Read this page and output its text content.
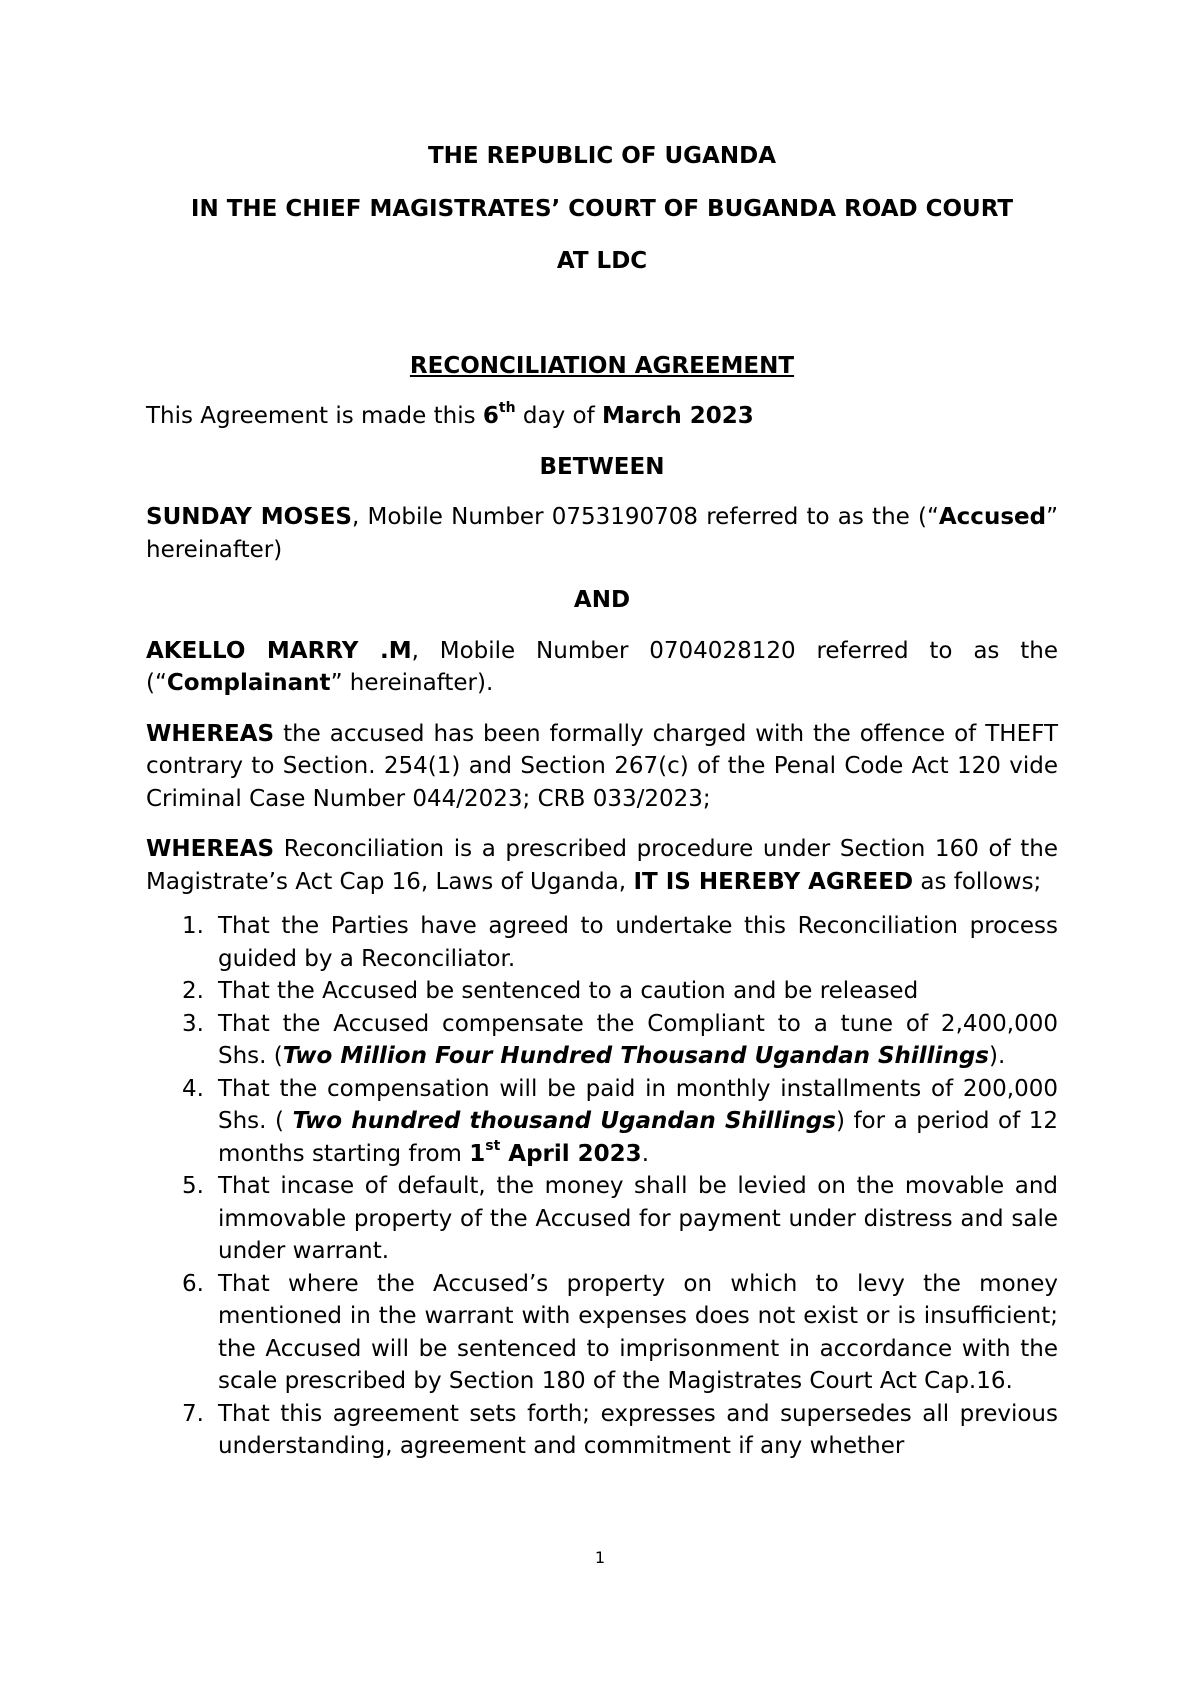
THE REPUBLIC OF UGANDA

IN THE CHIEF MAGISTRATES’ COURT OF BUGANDA ROAD COURT

AT LDC

RECONCILIATION AGREEMENT

This Agreement is made this 6th day of March 2023

BETWEEN

SUNDAY MOSES, Mobile Number 0753190708 referred to as the (“Accused” hereinafter)

AND

AKELLO MARRY .M, Mobile Number 0704028120 referred to as the (“Complainant” hereinafter).

WHEREAS the accused has been formally charged with the offence of THEFT contrary to Section. 254(1) and Section 267(c) of the Penal Code Act 120 vide Criminal Case Number 044/2023; CRB 033/2023;

WHEREAS Reconciliation is a prescribed procedure under Section 160 of the Magistrate’s Act Cap 16, Laws of Uganda, IT IS HEREBY AGREED as follows;

1. That the Parties have agreed to undertake this Reconciliation process guided by a Reconciliator.
2. That the Accused be sentenced to a caution and be released
3. That the Accused compensate the Compliant to a tune of 2,400,000 Shs. (Two Million Four Hundred Thousand Ugandan Shillings).
4. That the compensation will be paid in monthly installments of 200,000 Shs. ( Two hundred thousand Ugandan Shillings) for a period of 12 months starting from 1st April 2023.
5. That incase of default, the money shall be levied on the movable and immovable property of the Accused for payment under distress and sale under warrant.
6. That where the Accused’s property on which to levy the money mentioned in the warrant with expenses does not exist or is insufficient; the Accused will be sentenced to imprisonment in accordance with the scale prescribed by Section 180 of the Magistrates Court Act Cap.16.
7. That this agreement sets forth; expresses and supersedes all previous understanding, agreement and commitment if any whether
1
